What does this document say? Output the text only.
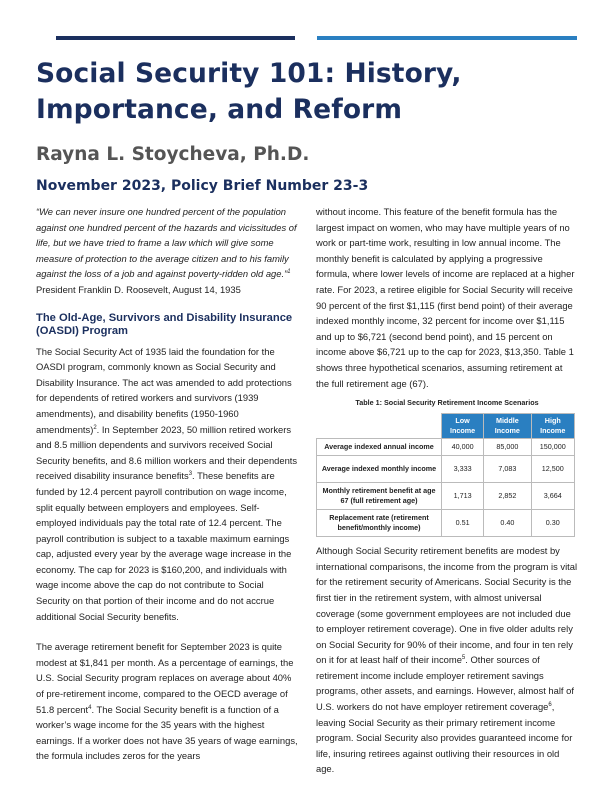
Social Security 101: History,
Importance, and Reform
Rayna L. Stoycheva, Ph.D.
November 2023, Policy Brief Number 23-3

“We can never insure one hundred percent of the population against one hundred percent of the hazards and vicissitudes of life, but we have tried to frame a law which will give some measure of protection to the average citizen and to his family against the loss of a job and against poverty-ridden old age.”$^1$ President Franklin D. Roosevelt, August 14, 1935

The Old-Age, Survivors and Disability Insurance (OASDI) Program

The Social Security Act of 1935 laid the foundation for the OASDI program, commonly known as Social Security and Disability Insurance. The act was amended to add protections for dependents of retired workers and survivors (1939 amendments), and disability benefits (1950-1960 amendments)$^2$. In September 2023, 50 million retired workers and 8.5 million dependents and survivors received Social Security benefits, and 8.6 million workers and their dependents received disability insurance benefits$^3$. These benefits are funded by 12.4 percent payroll contribution on wage income, split equally between employers and employees. Self-employed individuals pay the total rate of 12.4 percent. The payroll contribution is subject to a taxable maximum earnings cap, adjusted every year by the average wage increase in the economy. The cap for 2023 is $160,200, and individuals with wage income above the cap do not contribute to Social Security on that portion of their income and do not accrue additional Social Security benefits.

The average retirement benefit for September 2023 is quite modest at $1,841 per month. As a percentage of earnings, the U.S. Social Security program replaces on average about 40% of pre-retirement income, compared to the OECD average of 51.8 percent$^4$. The Social Security benefit is a function of a worker’s wage income for the 35 years with the highest earnings. If a worker does not have 35 years of wage earnings, the formula includes zeros for the years

without income. This feature of the benefit formula has the largest impact on women, who may have multiple years of no work or part-time work, resulting in low annual income. The monthly benefit is calculated by applying a progressive formula, where lower levels of income are replaced at a higher rate. For 2023, a retiree eligible for Social Security will receive 90 percent of the first $1,115 (first bend point) of their average indexed monthly income, 32 percent for income over $1,115 and up to $6,721 (second bend point), and 15 percent on income above $6,721 up to the cap for 2023, $13,350. Table 1 shows three hypothetical scenarios, assuming retirement at the full retirement age (67).

Table 1: Social Security Retirement Income Scenarios
	Low Income	Middle Income	High Income
Average indexed annual income	40,000	85,000	150,000
Average indexed monthly income	3,333	7,083	12,500
Monthly retirement benefit at age 67 (full retirement age)	1,713	2,852	3,664
Replacement rate (retirement benefit/monthly income)	0.51	0.40	0.30

Although Social Security retirement benefits are modest by international comparisons, the income from the program is vital for the retirement security of Americans. Social Security is the first tier in the retirement system, with almost universal coverage (some government employees are not included due to employer retirement coverage). One in five older adults rely on Social Security for 90% of their income, and four in ten rely on it for at least half of their income$^5$. Other sources of retirement income include employer retirement savings programs, other assets, and earnings. However, almost half of U.S. workers do not have employer retirement coverage$^6$, leaving Social Security as their primary retirement income program. Social Security also provides guaranteed income for life, insuring retirees against outliving their resources in old age.
